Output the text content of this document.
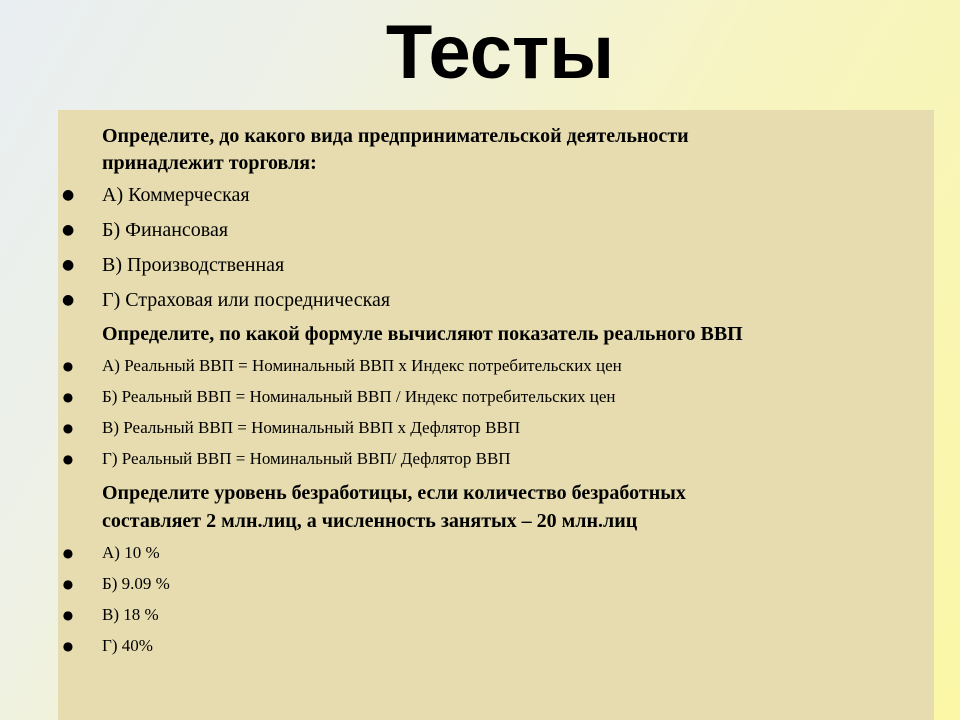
Тесты
Определите, до какого вида предпринимательской деятельности
принадлежит торговля:
● А) Коммерческая
● Б) Финансовая
● В) Производственная
● Г) Страховая или посредническая
Определите, по какой формуле вычисляют показатель реального ВВП
● А) Реальный ВВП = Номинальный ВВП х Индекс потребительских цен
● Б) Реальный ВВП = Номинальный ВВП / Индекс потребительских цен
● В) Реальный ВВП = Номинальный ВВП х Дефлятор ВВП
● Г) Реальный ВВП = Номинальный ВВП/ Дефлятор ВВП
Определите уровень безработицы, если количество безработных
составляет 2 млн.лиц, а численность занятых – 20 млн.лиц
● А) 10 %
● Б) 9.09 %
● В) 18 %
● Г) 40%
